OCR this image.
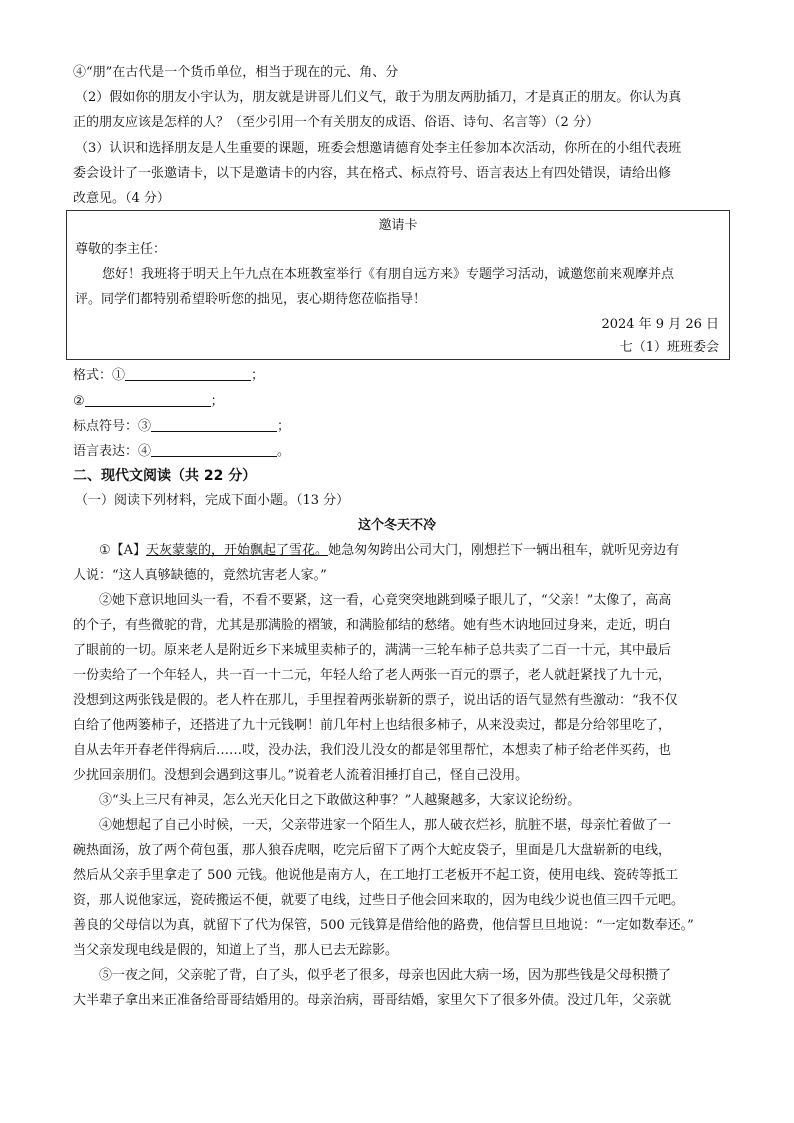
④“朋”在古代是一个货币单位，相当于现在的元、角、分
（2）假如你的朋友小宇认为，朋友就是讲哥儿们义气，敢于为朋友两肋插刀，才是真正的朋友。你认为真
正的朋友应该是怎样的人？（至少引用一个有关朋友的成语、俗语、诗句、名言等）（2 分）
（3）认识和选择朋友是人生重要的课题，班委会想邀请德育处李主任参加本次活动，你所在的小组代表班
委会设计了一张邀请卡，以下是邀请卡的内容，其在格式、标点符号、语言表达上有四处错误，请给出修
改意见。（4 分）
邀请卡
尊敬的李主任：
您好！我班将于明天上午九点在本班教室举行《有朋自远方来》专题学习活动，诚邀您前来观摩并点
评。同学们都特别希望聆听您的拙见，衷心期待您莅临指导！
2024 年 9 月 26 日
七（1）班班委会
格式：①	；
②	；
标点符号：③	；
语言表达：④	。
二、现代文阅读（共 22 分）
（一）阅读下列材料，完成下面小题。（13 分）
这个冬天不冷
①【A】天灰蒙蒙的，开始飘起了雪花。她急匆匆跨出公司大门，刚想拦下一辆出租车，就听见旁边有
人说：“这人真够缺德的，竟然坑害老人家。”
②她下意识地回头一看，不看不要紧，这一看，心竟突突地跳到嗓子眼儿了，“父亲！”太像了，高高
的个子，有些微驼的背，尤其是那满脸的褶皱，和满脸郁结的愁绪。她有些木讷地回过身来，走近，明白
了眼前的一切。原来老人是附近乡下来城里卖柿子的，满满一三轮车柿子总共卖了二百一十元，其中最后
一份卖给了一个年轻人，共一百一十二元，年轻人给了老人两张一百元的票子，老人就赶紧找了九十元，
没想到这两张钱是假的。老人杵在那儿，手里捏着两张崭新的票子，说出话的语气显然有些激动：“我不仅
白给了他两篓柿子，还搭进了九十元钱啊！前几年村上也结很多柿子，从来没卖过，都是分给邻里吃了，
自从去年开春老伴得病后……哎，没办法，我们没儿没女的都是邻里帮忙，本想卖了柿子给老伴买药，也
少扰回亲朋们。没想到会遇到这事儿。”说着老人流着泪捶打自己，怪自己没用。
③“头上三尺有神灵，怎么光天化日之下敢做这种事？”人越聚越多，大家议论纷纷。
④她想起了自己小时候，一天，父亲带进家一个陌生人，那人破衣烂衫，肮脏不堪，母亲忙着做了一
碗热面汤，放了两个荷包蛋，那人狼吞虎咽，吃完后留下了两个大蛇皮袋子，里面是几大盘崭新的电线，
然后从父亲手里拿走了 500 元钱。他说他是南方人，在工地打工老板开不起工资，使用电线、瓷砖等抵工
资，那人说他家远，瓷砖搬运不便，就要了电线，过些日子他会回来取的，因为电线少说也值三四千元吧。
善良的父母信以为真，就留下了代为保管，500 元钱算是借给他的路费，他信誓旦旦地说：“一定如数奉还。”
当父亲发现电线是假的，知道上了当，那人已去无踪影。
⑤一夜之间，父亲驼了背，白了头，似乎老了很多，母亲也因此大病一场，因为那些钱是父母积攒了
大半辈子拿出来正准备给哥哥结婚用的。母亲治病，哥哥结婚，家里欠下了很多外债。没过几年，父亲就
